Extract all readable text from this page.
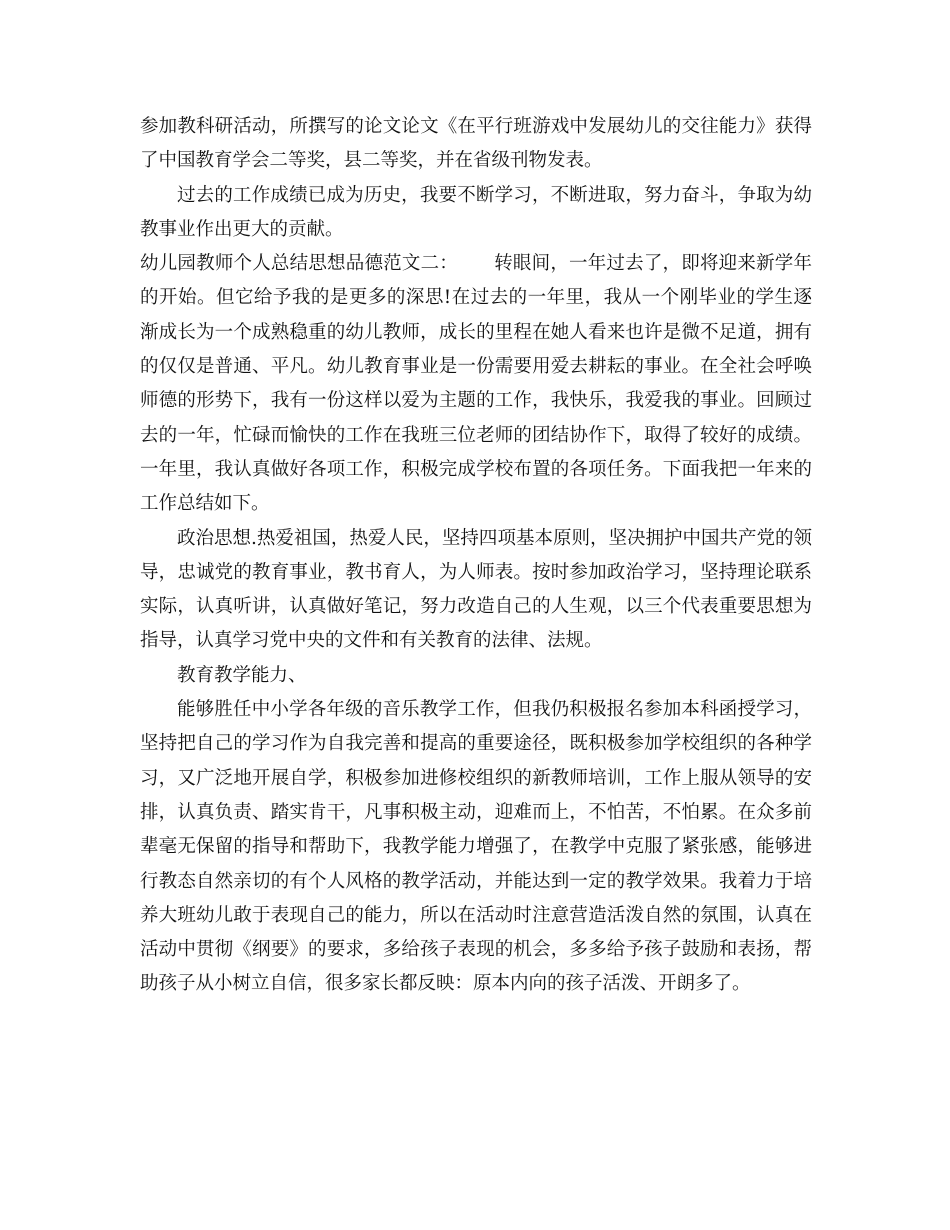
参加教科研活动，所撰写的论文论文《在平行班游戏中发展幼儿的交往能力》获得了中国教育学会二等奖，县二等奖，并在省级刊物发表。

过去的工作成绩已成为历史，我要不断学习，不断进取，努力奋斗，争取为幼教事业作出更大的贡献。

幼儿园教师个人总结思想品德范文二： 转眼间，一年过去了，即将迎来新学年的开始。但它给予我的是更多的深思!在过去的一年里，我从一个刚毕业的学生逐渐成长为一个成熟稳重的幼儿教师，成长的里程在她人看来也许是微不足道，拥有的仅仅是普通、平凡。幼儿教育事业是一份需要用爱去耕耘的事业。在全社会呼唤师德的形势下，我有一份这样以爱为主题的工作，我快乐，我爱我的事业。回顾过去的一年，忙碌而愉快的工作在我班三位老师的团结协作下，取得了较好的成绩。一年里，我认真做好各项工作，积极完成学校布置的各项任务。下面我把一年来的工作总结如下。

政治思想.热爱祖国，热爱人民，坚持四项基本原则，坚决拥护中国共产党的领导，忠诚党的教育事业，教书育人，为人师表。按时参加政治学习，坚持理论联系实际，认真听讲，认真做好笔记，努力改造自己的人生观，以三个代表重要思想为指导，认真学习党中央的文件和有关教育的法律、法规。

教育教学能力、

能够胜任中小学各年级的音乐教学工作，但我仍积极报名参加本科函授学习，坚持把自己的学习作为自我完善和提高的重要途径，既积极参加学校组织的各种学习，又广泛地开展自学，积极参加进修校组织的新教师培训，工作上服从领导的安排，认真负责、踏实肯干，凡事积极主动，迎难而上，不怕苦，不怕累。在众多前辈毫无保留的指导和帮助下，我教学能力增强了，在教学中克服了紧张感，能够进行教态自然亲切的有个人风格的教学活动，并能达到一定的教学效果。我着力于培养大班幼儿敢于表现自己的能力，所以在活动时注意营造活泼自然的氛围，认真在活动中贯彻《纲要》的要求，多给孩子表现的机会，多多给予孩子鼓励和表扬，帮助孩子从小树立自信，很多家长都反映：原本内向的孩子活泼、开朗多了。
